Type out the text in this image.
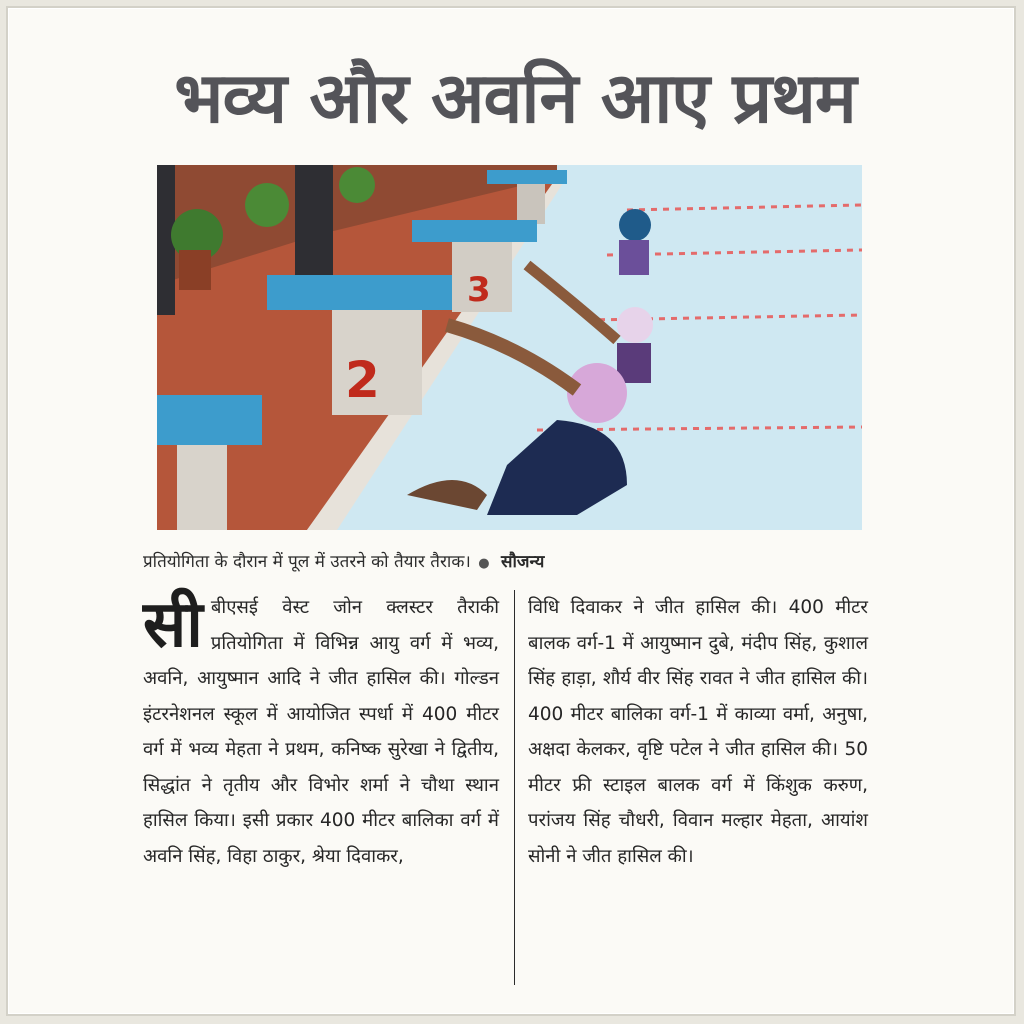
भव्य और अवनि आए प्रथम
3
2
प्रतियोगिता के दौरान में पूल में उतरने को तैयार तैराक। ● सौजन्य
सी बीएसई वेस्ट जोन क्लस्टर तैराकी प्रतियोगिता में विभिन्न आयु वर्ग में भव्य, अवनि, आयुष्मान आदि ने जीत हासिल की। गोल्डन इंटरनेशनल स्कूल में आयोजित स्पर्धा में 400 मीटर वर्ग में भव्य मेहता ने प्रथम, कनिष्क सुरेखा ने द्वितीय, सिद्धांत ने तृतीय और विभोर शर्मा ने चौथा स्थान हासिल किया। इसी प्रकार 400 मीटर बालिका वर्ग में अवनि सिंह, विहा ठाकुर, श्रेया दिवाकर,
विधि दिवाकर ने जीत हासिल की। 400 मीटर बालक वर्ग-1 में आयुष्मान दुबे, मंदीप सिंह, कुशाल सिंह हाड़ा, शौर्य वीर सिंह रावत ने जीत हासिल की। 400 मीटर बालिका वर्ग-1 में काव्या वर्मा, अनुषा, अक्षदा केलकर, वृष्टि पटेल ने जीत हासिल की। 50 मीटर फ्री स्टाइल बालक वर्ग में किंशुक करुण, परांजय सिंह चौधरी, विवान मल्हार मेहता, आयांश सोनी ने जीत हासिल की।
